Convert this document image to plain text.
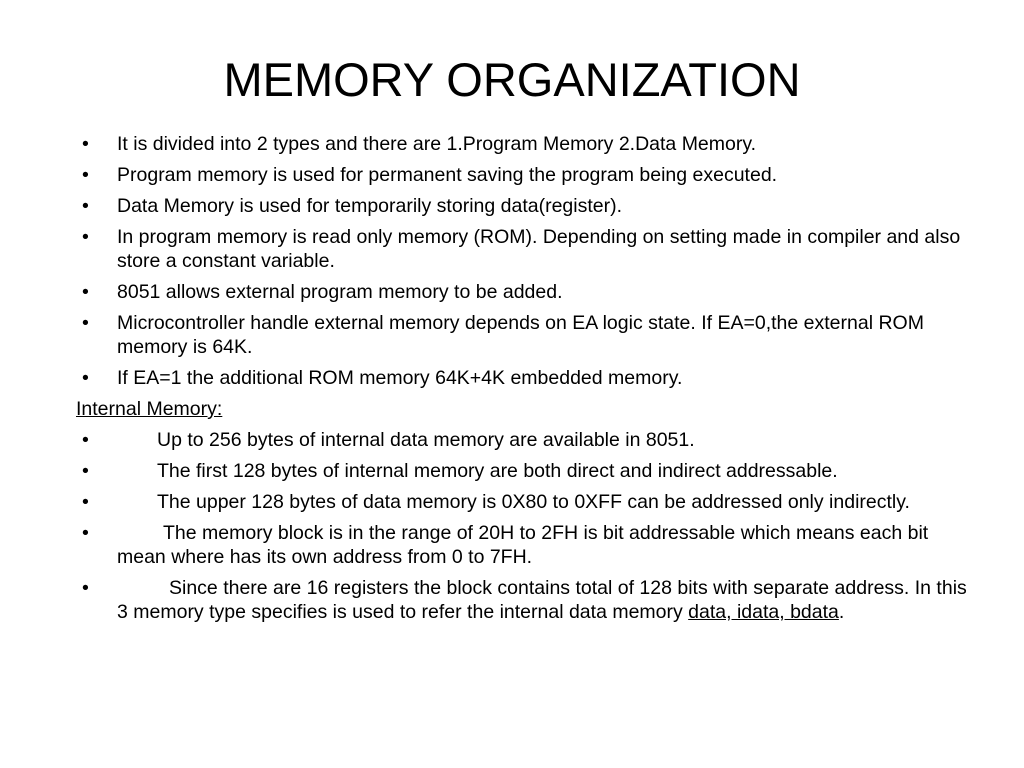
MEMORY ORGANIZATION
• It is divided into 2 types and there are 1.Program Memory 2.Data Memory.
• Program memory is used for permanent saving the program being executed.
• Data Memory is used for temporarily storing data(register).
• In program memory is read only memory (ROM). Depending on setting made in compiler and also store a constant variable.
• 8051 allows external program memory to be added.
• Microcontroller handle external memory depends on EA logic state. If EA=0,the external ROM memory is 64K.
• If EA=1 the additional ROM memory 64K+4K embedded memory.
Internal Memory:
•	Up to 256 bytes of internal data memory are available in 8051.
•	The first 128 bytes of internal memory are both direct and indirect addressable.
•	The upper 128 bytes of data memory is 0X80 to 0XFF can be addressed only indirectly.
•	The memory block is in the range of 20H to 2FH is bit addressable which means each bit mean where has its own address from 0 to 7FH.
•	Since there are 16 registers the block contains total of 128 bits with separate address. In this 3 memory type specifies is used to refer the internal data memory data, idata, bdata.
